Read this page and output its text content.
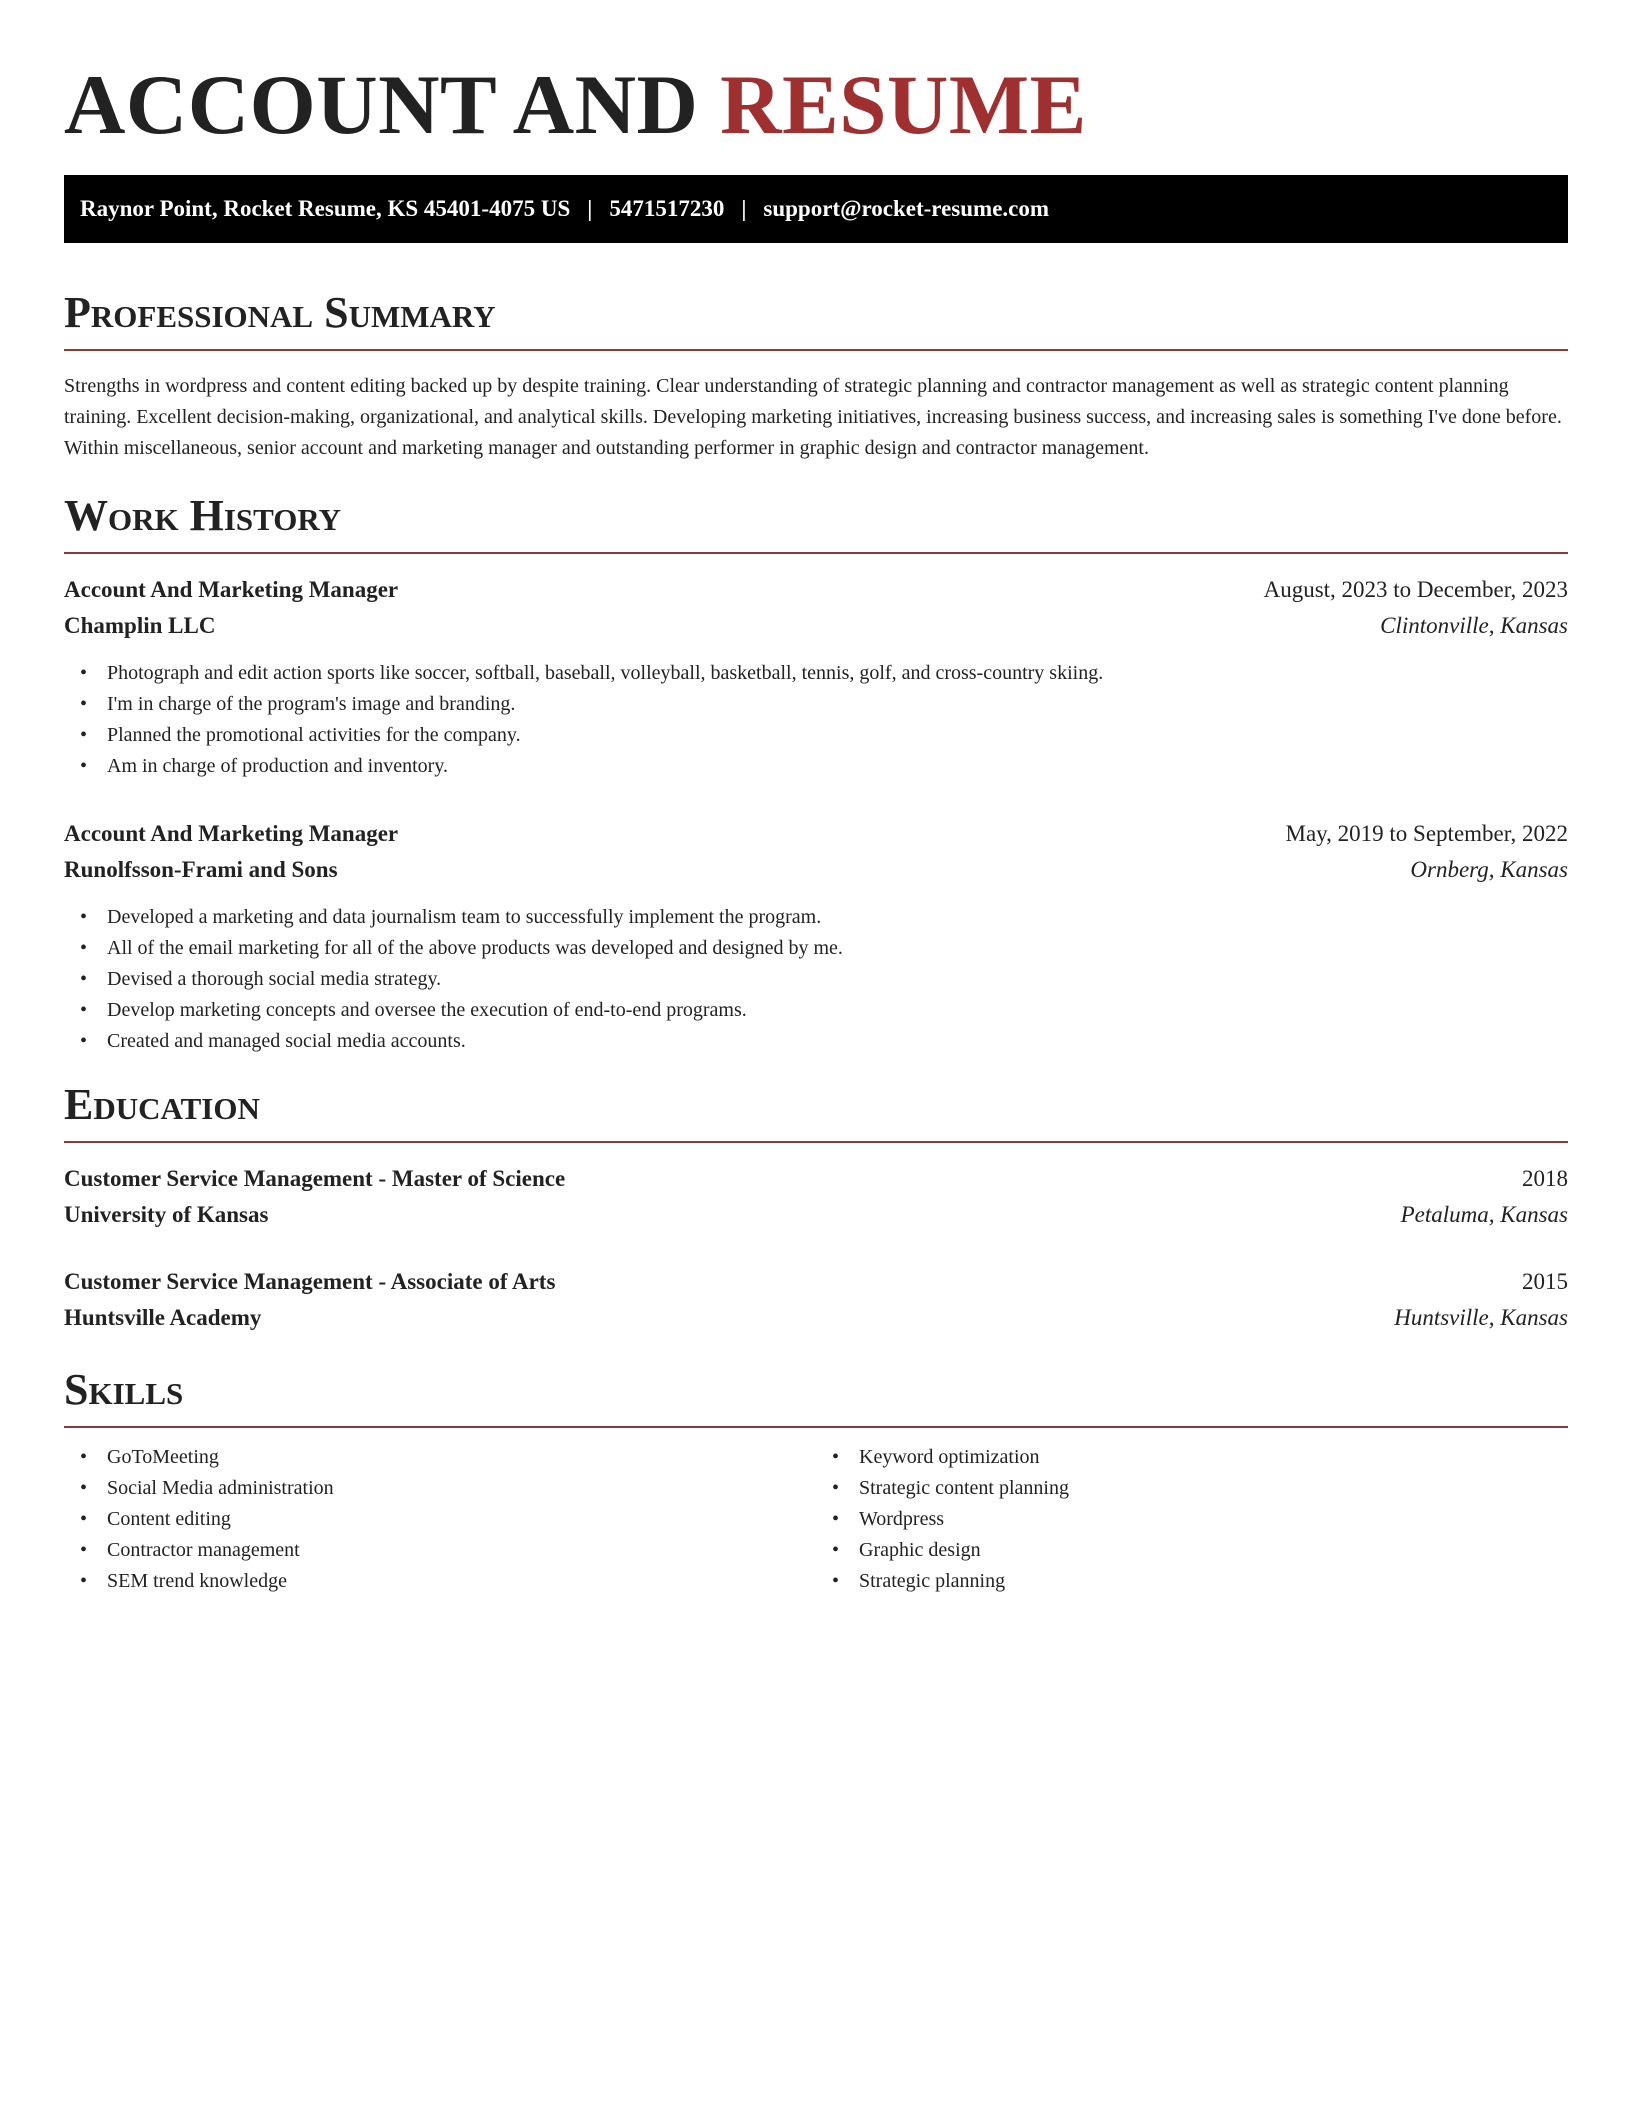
ACCOUNT AND RESUME
Raynor Point, Rocket Resume, KS 45401-4075 US | 5471517230 | support@rocket-resume.com
Professional Summary

Strengths in wordpress and content editing backed up by despite training. Clear understanding of strategic planning and contractor management as well as strategic content planning training. Excellent decision-making, organizational, and analytical skills. Developing marketing initiatives, increasing business success, and increasing sales is something I've done before. Within miscellaneous, senior account and marketing manager and outstanding performer in graphic design and contractor management.

Work History
Account And Marketing Manager	August, 2023 to December, 2023
Champlin LLC	Clintonville, Kansas
• Photograph and edit action sports like soccer, softball, baseball, volleyball, basketball, tennis, golf, and cross-country skiing.
• I'm in charge of the program's image and branding.
• Planned the promotional activities for the company.
• Am in charge of production and inventory.
Account And Marketing Manager	May, 2019 to September, 2022
Runolfsson-Frami and Sons	Ornberg, Kansas
• Developed a marketing and data journalism team to successfully implement the program.
• All of the email marketing for all of the above products was developed and designed by me.
• Devised a thorough social media strategy.
• Develop marketing concepts and oversee the execution of end-to-end programs.
• Created and managed social media accounts.
Education
Customer Service Management - Master of Science	2018
University of Kansas	Petaluma, Kansas
Customer Service Management - Associate of Arts	2015
Huntsville Academy	Huntsville, Kansas
Skills
• GoToMeeting
• Social Media administration
• Content editing
• Contractor management
• SEM trend knowledge
• Keyword optimization
• Strategic content planning
• Wordpress
• Graphic design
• Strategic planning
